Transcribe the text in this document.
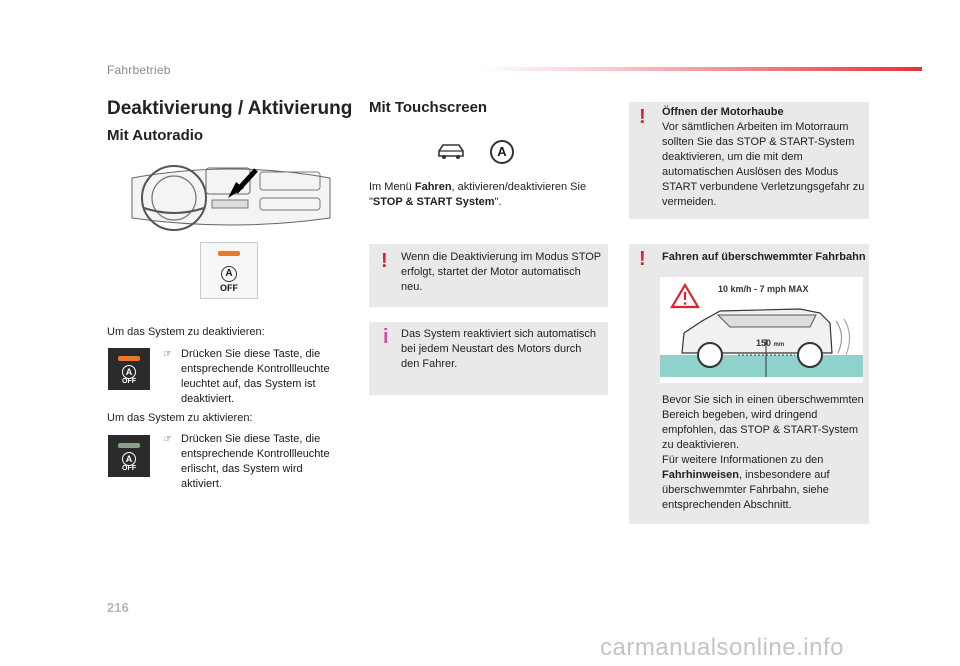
Fahrbetrieb
Deaktivierung / Aktivierung
Mit Autoradio
A
OFF
Um das System zu deaktivieren:
A
OFF
☞ Drücken Sie diese Taste, die entsprechende Kontrollleuchte leuchtet auf, das System ist deaktiviert.
Um das System zu aktivieren:
A
OFF
☞ Drücken Sie diese Taste, die entsprechende Kontrollleuchte erlischt, das System wird aktiviert.
Mit Touchscreen
A
Im Menü Fahren, aktivieren/deaktivieren Sie "STOP & START System".
! Wenn die Deaktivierung im Modus STOP erfolgt, startet der Motor automatisch neu.
i Das System reaktiviert sich automatisch bei jedem Neustart des Motors durch den Fahrer.
! Öffnen der Motorhaube
Vor sämtlichen Arbeiten im Motorraum sollten Sie das STOP & START-System deaktivieren, um die mit dem automatischen Auslösen des Modus START verbundene Verletzungsgefahr zu vermeiden.
! Fahren auf überschwemmter Fahrbahn
10 km/h - 7 mph MAX
150 mm
Bevor Sie sich in einen überschwemmten Bereich begeben, wird dringend empfohlen, das STOP & START-System zu deaktivieren.
Für weitere Informationen zu den Fahrhinweisen, insbesondere auf überschwemmter Fahrbahn, siehe entsprechenden Abschnitt.
216
carmanualsonline.info
